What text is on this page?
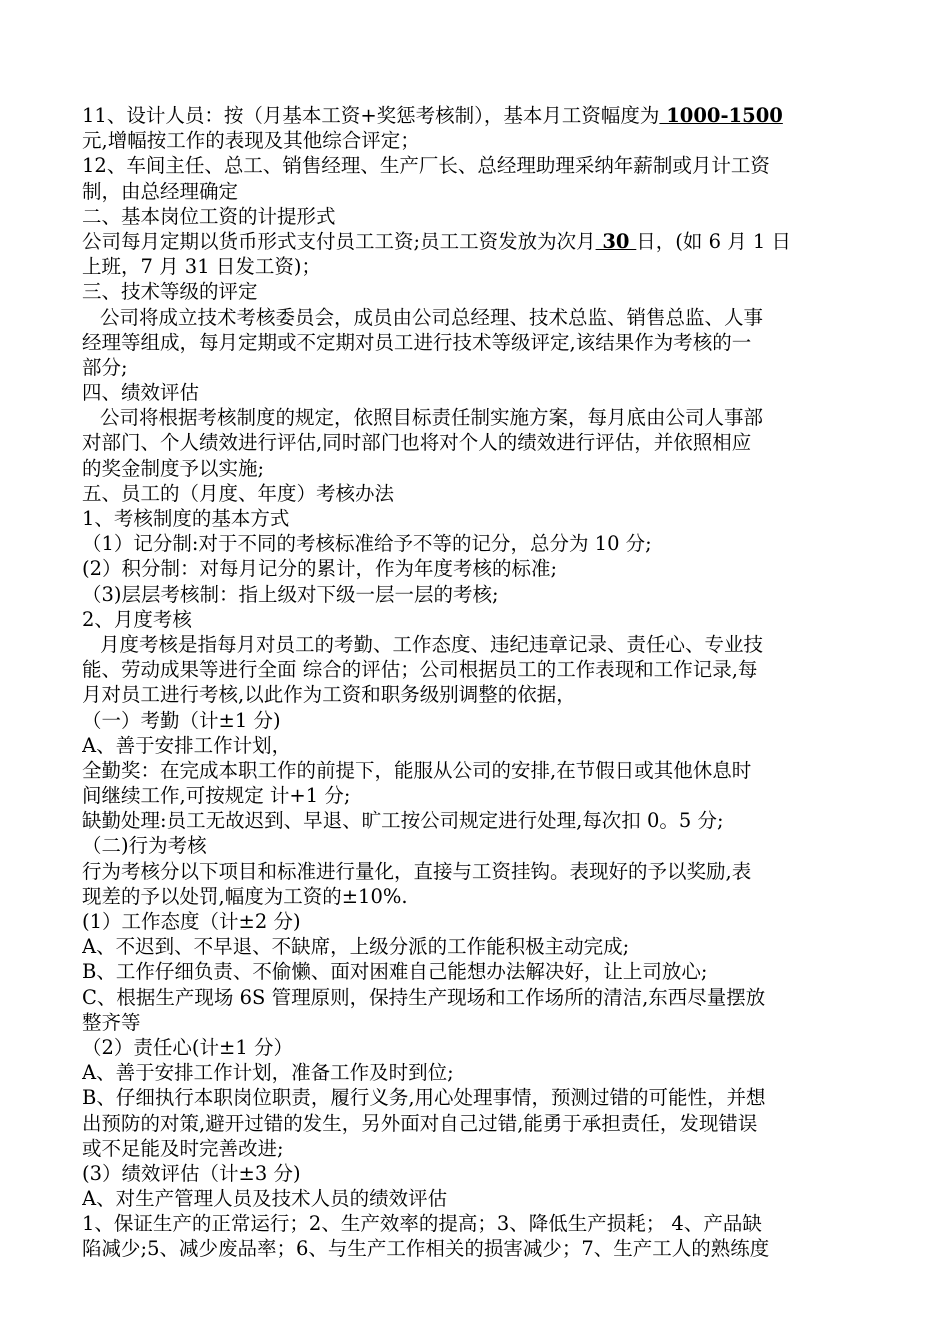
11、设计人员：按（月基本工资+奖惩考核制），基本月工资幅度为 1000-1500
元,增幅按工作的表现及其他综合评定；
12、车间主任、总工、销售经理、生产厂长、总经理助理采纳年薪制或月计工资
制，由总经理确定
二、基本岗位工资的计提形式
公司每月定期以货币形式支付员工工资;员工工资发放为次月 30 日，(如 6 月 1 日
上班，7 月 31 日发工资)；
三、技术等级的评定
公司将成立技术考核委员会，成员由公司总经理、技术总监、销售总监、人事
经理等组成，每月定期或不定期对员工进行技术等级评定,该结果作为考核的一
部分;
四、绩效评估
公司将根据考核制度的规定，依照目标责任制实施方案，每月底由公司人事部
对部门、个人绩效进行评估,同时部门也将对个人的绩效进行评估，并依照相应
的奖金制度予以实施;
五、员工的（月度、年度）考核办法
1、考核制度的基本方式
（1）记分制:对于不同的考核标准给予不等的记分，总分为 10 分;
(2）积分制：对每月记分的累计，作为年度考核的标准;
（3)层层考核制：指上级对下级一层一层的考核;
2、月度考核
月度考核是指每月对员工的考勤、工作态度、违纪违章记录、责任心、专业技
能、劳动成果等进行全面 综合的评估；公司根据员工的工作表现和工作记录,每
月对员工进行考核,以此作为工资和职务级别调整的依据，
（一）考勤（计±1 分)
A、善于安排工作计划，
全勤奖：在完成本职工作的前提下，能服从公司的安排,在节假日或其他休息时
间继续工作,可按规定 计+1 分;
缺勤处理:员工无故迟到、早退、旷工按公司规定进行处理,每次扣 0。5 分;
（二)行为考核
行为考核分以下项目和标准进行量化，直接与工资挂钩。表现好的予以奖励,表
现差的予以处罚,幅度为工资的±10%.
(1）工作态度（计±2 分)
A、不迟到、不早退、不缺席，上级分派的工作能积极主动完成;
B、工作仔细负责、不偷懒、面对困难自己能想办法解决好，让上司放心;
C、根据生产现场 6S 管理原则，保持生产现场和工作场所的清洁,东西尽量摆放
整齐等
（2）责任心(计±1 分）
A、善于安排工作计划，准备工作及时到位;
B、仔细执行本职岗位职责，履行义务,用心处理事情，预测过错的可能性，并想
出预防的对策,避开过错的发生，另外面对自己过错,能勇于承担责任，发现错误
或不足能及时完善改进;
(3）绩效评估（计±3 分)
A、对生产管理人员及技术人员的绩效评估
1、保证生产的正常运行；2、生产效率的提高；3、降低生产损耗； 4、产品缺
陷减少;5、减少废品率；6、与生产工作相关的损害减少；7、生产工人的熟练度
